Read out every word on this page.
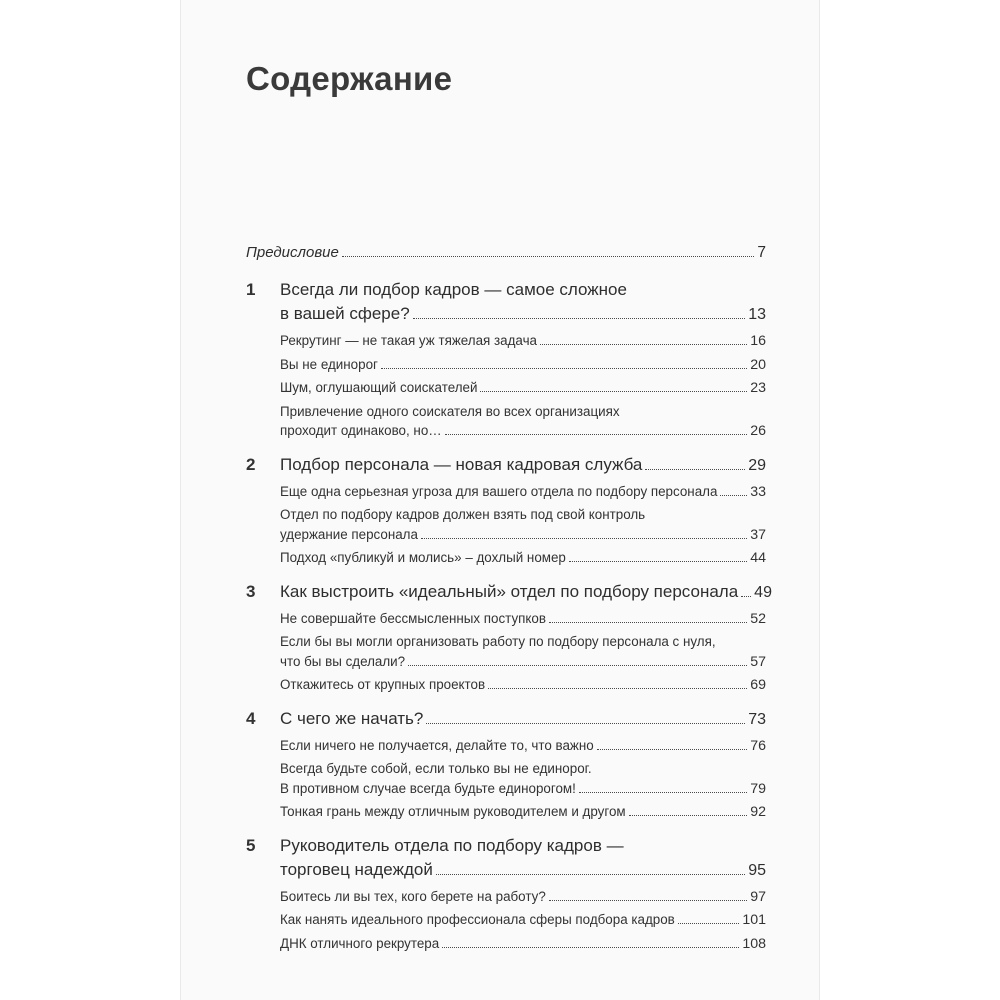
Содержание
Предисловие	7
1 Всегда ли подбор кадров — самое сложное
в вашей сфере?	13
Рекрутинг — не такая уж тяжелая задача	16
Вы не единорог	20
Шум, оглушающий соискателей	23
Привлечение одного соискателя во всех организациях
проходит одинаково, но…	26
2 Подбор персонала — новая кадровая служба	29
Еще одна серьезная угроза для вашего отдела по подбору персонала 33
Отдел по подбору кадров должен взять под свой контроль
удержание персонала	37
Подход «публикуй и молись» – дохлый номер	44
3 Как выстроить «идеальный» отдел по подбору персонала 49
Не совершайте бессмысленных поступков	52
Если бы вы могли организовать работу по подбору персонала с нуля,
что бы вы сделали?	57
Откажитесь от крупных проектов	69
4 С чего же начать?	73
Если ничего не получается, делайте то, что важно	76
Всегда будьте собой, если только вы не единорог.
В противном случае всегда будьте единорогом!	79
Тонкая грань между отличным руководителем и другом	92
5 Руководитель отдела по подбору кадров —
торговец надеждой	95
Боитесь ли вы тех, кого берете на работу?	97
Как нанять идеального профессионала сферы подбора кадров	101
ДНК отличного рекрутера	108
